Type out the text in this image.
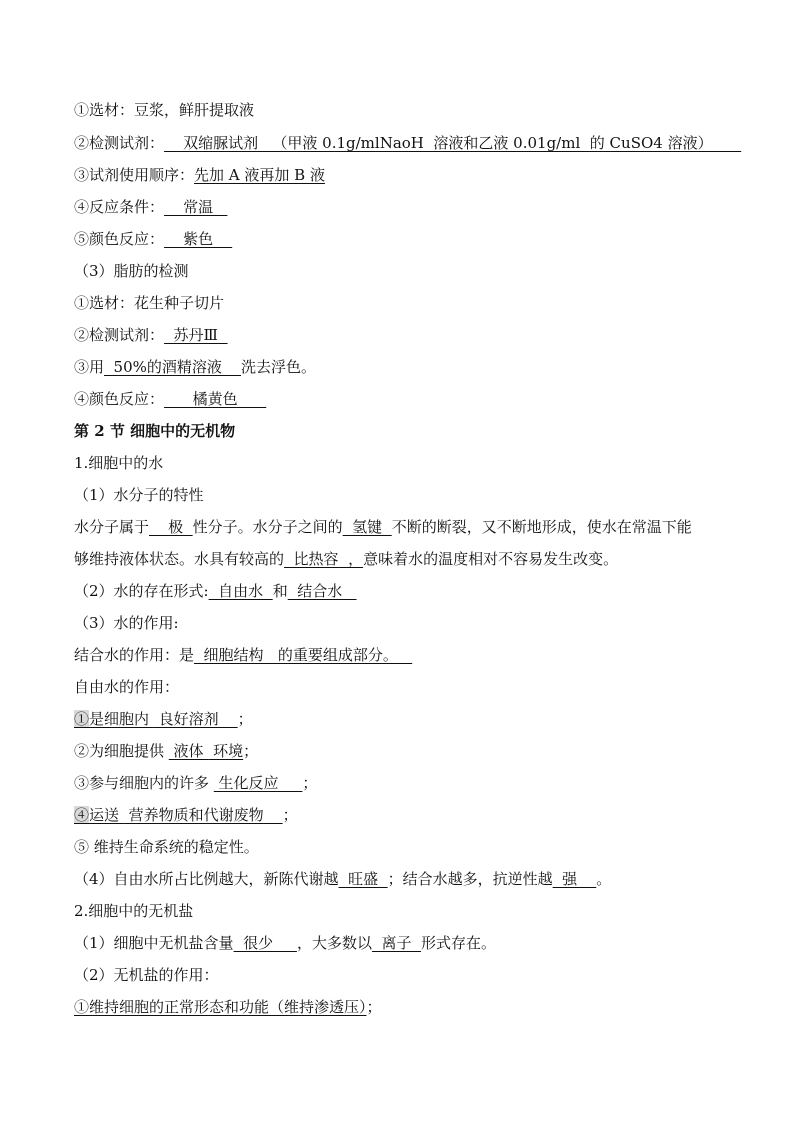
①选材：豆浆，鲜肝提取液
②检测试剂：    双缩脲试剂   （甲液 0.1g/mlNaoH  溶液和乙液 0.01g/ml  的 CuSO4 溶液）
③试剂使用顺序：先加 A 液再加 B 液
④反应条件：    常温
⑤颜色反应：    紫色
（3）脂肪的检测
①选材：花生种子切片
②检测试剂：  苏丹Ⅲ
③用  50%的酒精溶液    洗去浮色。
④颜色反应：      橘黄色
第 2 节 细胞中的无机物
1.细胞中的水
（1）水分子的特性
水分子属于    极  性分子。水分子之间的  氢键  不断的断裂，又不断地形成，使水在常温下能
够维持液体状态。水具有较高的  比热容  ，意味着水的温度相对不容易发生改变。
（2）水的存在形式:  自由水  和  结合水
（3）水的作用:
结合水的作用：是  细胞结构   的重要组成部分。
自由水的作用：
①是细胞内  良好溶剂    ；
②为细胞提供  液体  环境；
③参与细胞内的许多  生化反应     ；
④运送  营养物质和代谢废物    ；
⑤ 维持生命系统的稳定性。
（4）自由水所占比例越大，新陈代谢越  旺盛  ；结合水越多，抗逆性越  强    。
2.细胞中的无机盐
（1）细胞中无机盐含量  很少     ，大多数以  离子  形式存在。
（2）无机盐的作用：
①维持细胞的正常形态和功能（维持渗透压）；
